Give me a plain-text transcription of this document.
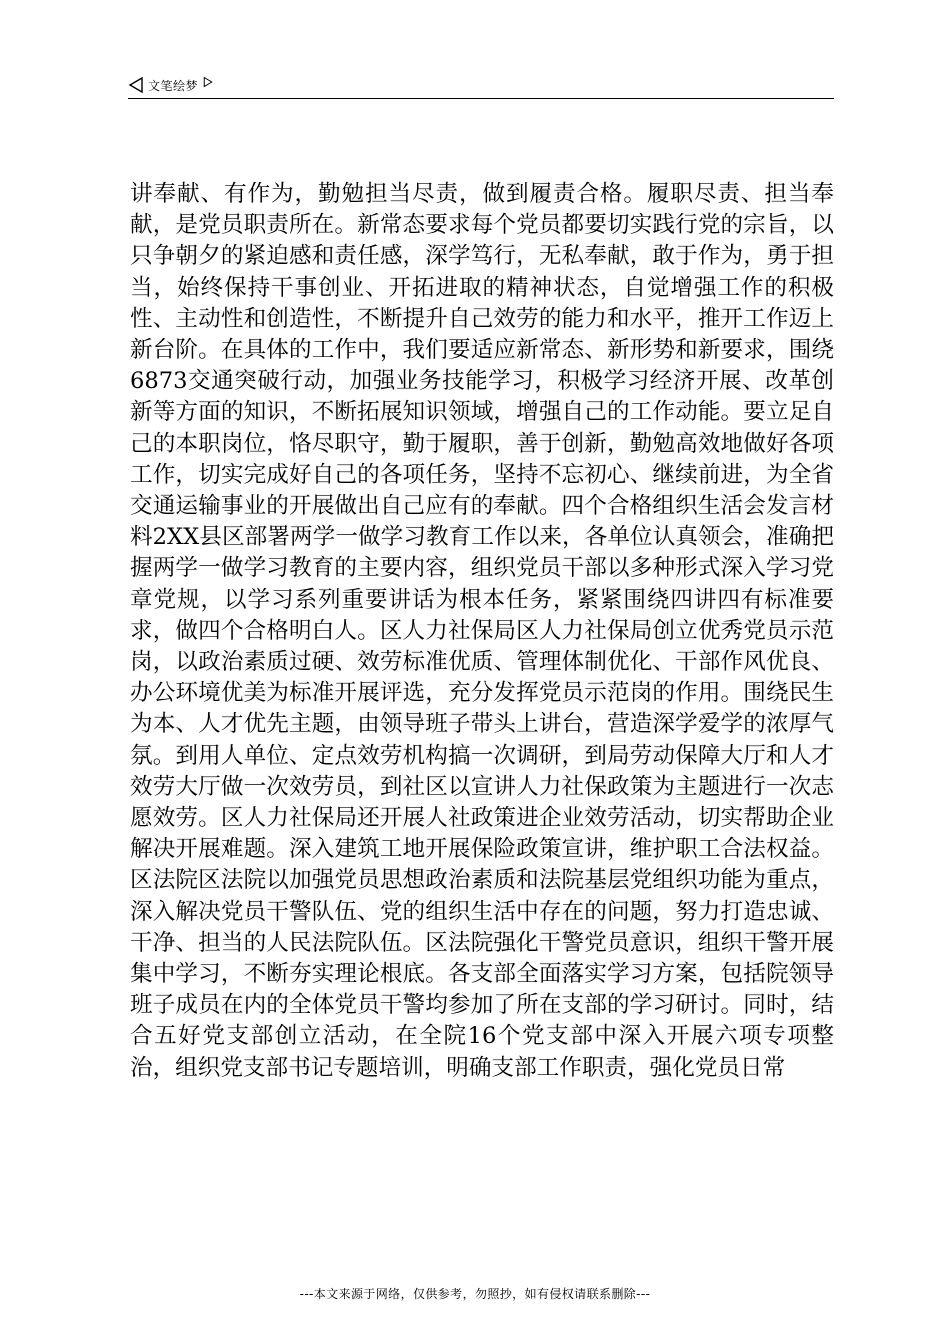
文笔绘梦

讲奉献、有作为，勤勉担当尽责，做到履责合格。履职尽责、担当奉献，是党员职责所在。新常态要求每个党员都要切实践行党的宗旨，以只争朝夕的紧迫感和责任感，深学笃行，无私奉献，敢于作为，勇于担当，始终保持干事创业、开拓进取的精神状态，自觉增强工作的积极性、主动性和创造性，不断提升自己效劳的能力和水平，推开工作迈上新台阶。在具体的工作中，我们要适应新常态、新形势和新要求，围绕6873交通突破行动，加强业务技能学习，积极学习经济开展、改革创新等方面的知识，不断拓展知识领域，增强自己的工作动能。要立足自己的本职岗位，恪尽职守，勤于履职，善于创新，勤勉高效地做好各项工作，切实完成好自己的各项任务，坚持不忘初心、继续前进，为全省交通运输事业的开展做出自己应有的奉献。四个合格组织生活会发言材料2XX县区部署两学一做学习教育工作以来，各单位认真领会，准确把握两学一做学习教育的主要内容，组织党员干部以多种形式深入学习党章党规，以学习系列重要讲话为根本任务，紧紧围绕四讲四有标准要求，做四个合格明白人。区人力社保局区人力社保局创立优秀党员示范岗，以政治素质过硬、效劳标准优质、管理体制优化、干部作风优良、办公环境优美为标准开展评选，充分发挥党员示范岗的作用。围绕民生为本、人才优先主题，由领导班子带头上讲台，营造深学爱学的浓厚气氛。到用人单位、定点效劳机构搞一次调研，到局劳动保障大厅和人才效劳大厅做一次效劳员，到社区以宣讲人力社保政策为主题进行一次志愿效劳。区人力社保局还开展人社政策进企业效劳活动，切实帮助企业解决开展难题。深入建筑工地开展保险政策宣讲，维护职工合法权益。区法院区法院以加强党员思想政治素质和法院基层党组织功能为重点，深入解决党员干警队伍、党的组织生活中存在的问题，努力打造忠诚、干净、担当的人民法院队伍。区法院强化干警党员意识，组织干警开展集中学习，不断夯实理论根底。各支部全面落实学习方案，包括院领导班子成员在内的全体党员干警均参加了所在支部的学习研讨。同时，结合五好党支部创立活动，在全院16个党支部中深入开展六项专项整治，组织党支部书记专题培训，明确支部工作职责，强化党员日常

---本文来源于网络，仅供参考，勿照抄，如有侵权请联系删除---
